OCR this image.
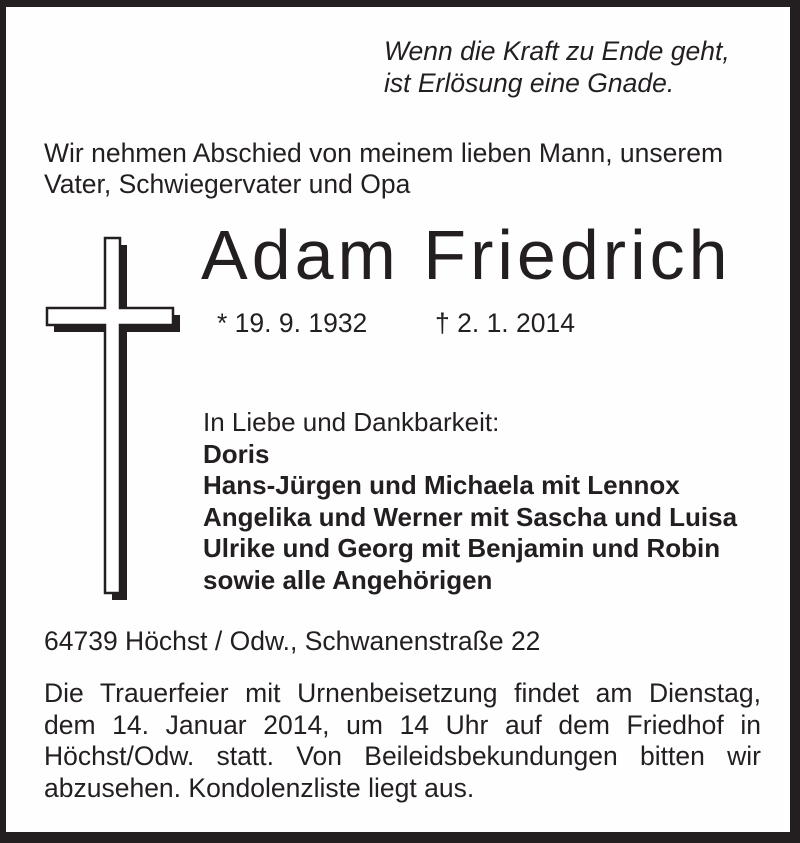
Wenn die Kraft zu Ende geht,
ist Erlösung eine Gnade.

Wir nehmen Abschied von meinem lieben Mann, unserem Vater, Schwiegervater und Opa

Adam Friedrich
* 19. 9. 1932	† 2. 1. 2014
In Liebe und Dankbarkeit:
Doris
Hans-Jürgen und Michaela mit Lennox
Angelika und Werner mit Sascha und Luisa
Ulrike und Georg mit Benjamin und Robin
sowie alle Angehörigen
64739 Höchst / Odw., Schwanenstraße 22

Die Trauerfeier mit Urnenbeisetzung findet am Dienstag, dem 14. Januar 2014, um 14 Uhr auf dem Friedhof in Höchst/Odw. statt. Von Beileidsbekundungen bitten wir abzusehen. Kondolenzliste liegt aus.
